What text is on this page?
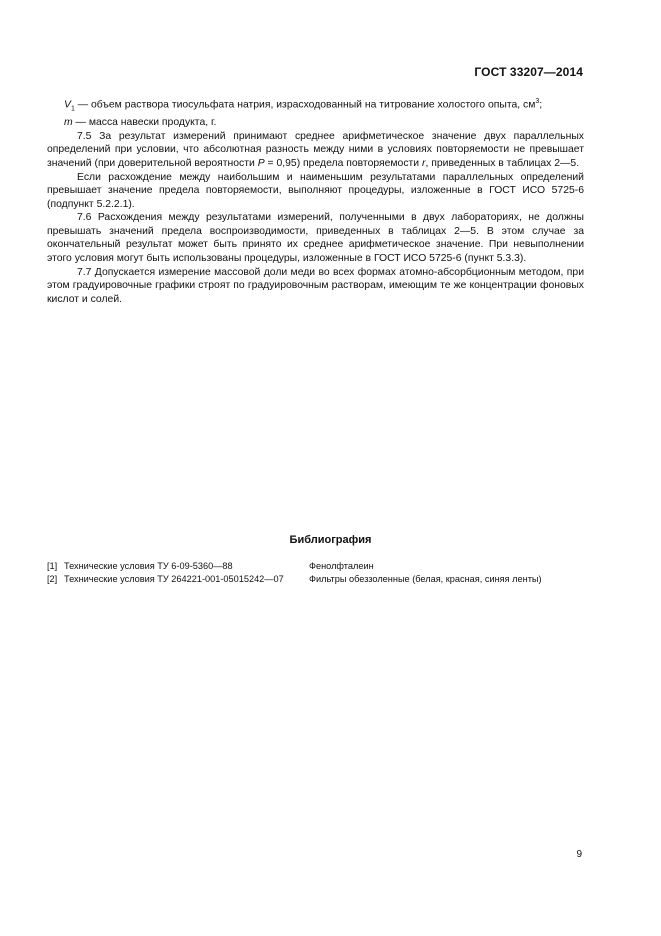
ГОСТ 33207—2014

$V_1$ — объем раствора тиосульфата натрия, израсходованный на титрование холостого опыта, $см^3$;

m — масса навески продукта, г.

7.5 За результат измерений принимают среднее арифметическое значение двух параллельных определений при условии, что абсолютная разность между ними в условиях повторяемости не превышает значений (при доверительной вероятности Р = 0,95) предела повторяемости r, приведенных в таблицах 2—5.

Если расхождение между наибольшим и наименьшим результатами параллельных определений превышает значение предела повторяемости, выполняют процедуры, изложенные в ГОСТ ИСО 5725-6 (подпункт 5.2.2.1).

7.6 Расхождения между результатами измерений, полученными в двух лабораториях, не должны превышать значений предела воспроизводимости, приведенных в таблицах 2—5. В этом случае за окончательный результат может быть принято их среднее арифметическое значение. При невыполнении этого условия могут быть использованы процедуры, изложенные в ГОСТ ИСО 5725-6 (пункт 5.3.3).

7.7 Допускается измерение массовой доли меди во всех формах атомно-абсорбционным методом, при этом градуировочные графики строят по градуировочным растворам, имеющим те же концентрации фоновых кислот и солей.

Библиография
[1] Технические условия ТУ 6-09-5360—88	Фенолфталеин
[2] Технические условия ТУ 264221-001-05015242—07	Фильтры обеззоленные (белая, красная, синяя ленты)
9
